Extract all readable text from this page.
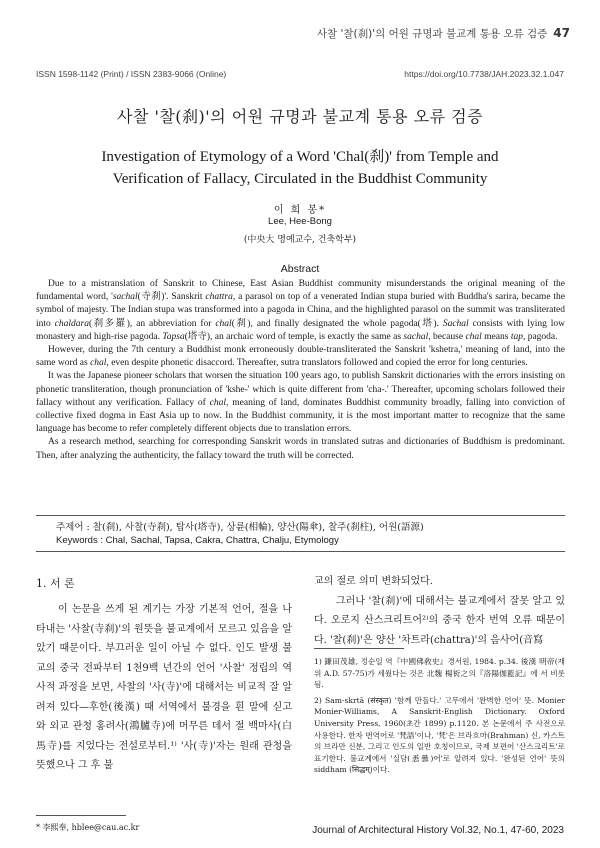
사찰 '찰(刹)'의 어원 규명과 불교계 통용 오류 검증 47
ISSN 1598-1142 (Print) / ISSN 2383-9066 (Online)	https://doi.org/10.7738/JAH.2023.32.1.047
사찰 '찰(刹)'의 어원 규명과 불교계 통용 오류 검증
Investigation of Etymology of a Word 'Chal(刹)' from Temple and
Verification of Fallacy, Circulated in the Buddhist Community
이 희 봉*
Lee, Hee-Bong
(中央大 명예교수, 건축학부)
Abstract

Due to a mistranslation of Sanskrit to Chinese, East Asian Buddhist community misunderstands the original meaning of the fundamental word, 'sachal(寺刹)'. Sanskrit chattra, a parasol on top of a venerated Indian stupa buried with Buddha's sarira, became the symbol of majesty. The Indian stupa was transformed into a pagoda in China, and the highlighted parasol on the summit was transliterated into chaldara(刹多羅), an abbreviation for chal(刹), and finally designated the whole pagoda(塔). Sachal consists with lying low monastery and high-rise pagoda. Tapsa(塔寺), an archaic word of temple, is exactly the same as sachal, because chal means tap, pagoda.

However, during the 7th century a Buddhist monk erroneously double-transliterated the Sanskrit 'kshetra,' meaning of land, into the same word as chal, even despite phonetic disaccord. Thereafter, sutra translators followed and copied the error for long centuries.

It was the Japanese pioneer scholars that worsen the situation 100 years ago, to publish Sanskrit dictionaries with the errors insisting on phonetic transliteration, though pronunciation of 'kshe-' which is quite different from 'cha-.' Thereafter, upcoming scholars followed their fallacy without any verification. Fallacy of chal, meaning of land, dominates Buddhist community broadly, falling into conviction of collective fixed dogma in East Asia up to now. In the Buddhist community, it is the most important matter to recognize that the same language has become to refer completely different objects due to translation errors.

As a research method, searching for corresponding Sanskrit words in translated sutras and dictionaries of Buddhism is predominant. Then, after analyzing the authenticity, the fallacy toward the truth will be corrected.

주제어 : 찰(刹), 사찰(寺刹), 탑사(塔寺), 상륜(相輪), 양산(陽傘), 찰주(刹柱), 어원(語源)
Keywords : Chal, Sachal, Tapsa, Cakra, Chattra, Chalju, Etymology
1. 서 론

이 논문을 쓰게 된 계기는 가장 기본적 언어, 절을 나타내는 '사찰(寺刹)'의 원뜻을 불교계에서 모르고 있음을 알았기 때문이다. 부끄러운 일이 아닐 수 없다. 인도 발생 불교의 중국 전파부터 1천9백 년간의 언어 '사찰' 정립의 역사적 과정을 보면, 사찰의 '사(寺)'에 대해서는 비교적 잘 알려져 있다—후한(後漢) 때 서역에서 불경을 흰 말에 싣고 와 외교 관청 홍려사(鴻臚寺)에 머무른 데서 절 백마사(白馬寺)를 지었다는 전설로부터.¹⁾ '사(寺)'자는 원래 관청을 뜻했으나 그 후 불

교의 절로 의미 변화되었다.

그러나 '찰(刹)'에 대해서는 불교계에서 잘못 알고 있다. 오로지 산스크리트어²⁾의 중국 한자 번역 오류 때문이다. '찰(刹)'은 양산 '차트라(chattra)'의 음사어(音寫

1) 鎌田茂雄, 정순일 역『中國佛敎史』경서원, 1984. p.34. 後漢 明帝(재위 A.D. 57-75)가 세웠다는 것은 北魏 楊衒之의『洛陽伽藍記』에 서 비롯됨.

2) Sam-skrtā (संस्कृत) '함께 만들다.' 고무에서 '완벽한 언어' 뜻. Monier Monier-Williams, A Sanskrit-English Dictionary. Oxford University Press, 1960(초간 1899) p.1120. 본 논문에서 주 사전으로 사용한다. 한자 번역어로 '梵語'이나, '梵'은 브라흐마(Brahman) 신, 카스트의 브라만 신분, 그리고 인도의 일반 호칭이므로, 국제 보편어 '산스크리트'로 표기한다. 불교계에서 '실담(悉曇)어'로 알려져 있다. '완성된 언어' 뜻의 siddham (सिद्धम्)이다.

* 李熙奉, hblee@cau.ac.kr	Journal of Architectural History Vol.32, No.1, 47-60, 2023
